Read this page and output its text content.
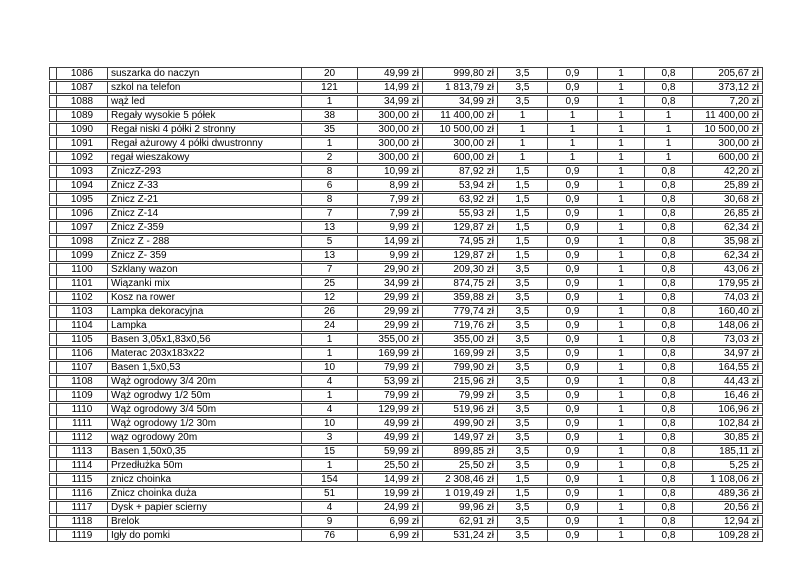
	1086	suszarka do naczyn	20	49,99 zł	999,80 zł	3,5	0,9	1	0,8	205,67 zł
	1087	szkol na telefon	121	14,99 zł	1 813,79 zł	3,5	0,9	1	0,8	373,12 zł
	1088	wąż led	1	34,99 zł	34,99 zł	3,5	0,9	1	0,8	7,20 zł
	1089	Regały wysokie 5 półek	38	300,00 zł	11 400,00 zł	1	1	1	1	11 400,00 zł
	1090	Regał niski 4 półki 2 stronny	35	300,00 zł	10 500,00 zł	1	1	1	1	10 500,00 zł
	1091	Regał ażurowy 4 półki dwustronny	1	300,00 zł	300,00 zł	1	1	1	1	300,00 zł
	1092	regał wieszakowy	2	300,00 zł	600,00 zł	1	1	1	1	600,00 zł
	1093	ZniczZ-293	8	10,99 zł	87,92 zł	1,5	0,9	1	0,8	42,20 zł
	1094	Znicz Z-33	6	8,99 zł	53,94 zł	1,5	0,9	1	0,8	25,89 zł
	1095	Znicz Z-21	8	7,99 zł	63,92 zł	1,5	0,9	1	0,8	30,68 zł
	1096	Znicz Z-14	7	7,99 zł	55,93 zł	1,5	0,9	1	0,8	26,85 zł
	1097	Znicz Z-359	13	9,99 zł	129,87 zł	1,5	0,9	1	0,8	62,34 zł
	1098	Znicz Z - 288	5	14,99 zł	74,95 zł	1,5	0,9	1	0,8	35,98 zł
	1099	Znicz Z- 359	13	9,99 zł	129,87 zł	1,5	0,9	1	0,8	62,34 zł
	1100	Szklany wazon	7	29,90 zł	209,30 zł	3,5	0,9	1	0,8	43,06 zł
	1101	Wiązanki mix	25	34,99 zł	874,75 zł	3,5	0,9	1	0,8	179,95 zł
	1102	Kosz na rower	12	29,99 zł	359,88 zł	3,5	0,9	1	0,8	74,03 zł
	1103	Lampka dekoracyjna	26	29,99 zł	779,74 zł	3,5	0,9	1	0,8	160,40 zł
	1104	Lampka	24	29,99 zł	719,76 zł	3,5	0,9	1	0,8	148,06 zł
	1105	Basen 3,05x1,83x0,56	1	355,00 zł	355,00 zł	3,5	0,9	1	0,8	73,03 zł
	1106	Materac 203x183x22	1	169,99 zł	169,99 zł	3,5	0,9	1	0,8	34,97 zł
	1107	Basen 1,5x0,53	10	79,99 zł	799,90 zł	3,5	0,9	1	0,8	164,55 zł
	1108	Wąż ogrodowy 3/4 20m	4	53,99 zł	215,96 zł	3,5	0,9	1	0,8	44,43 zł
	1109	Wąż ogrodwy 1/2 50m	1	79,99 zł	79,99 zł	3,5	0,9	1	0,8	16,46 zł
	1110	Wąż ogrodowy 3/4 50m	4	129,99 zł	519,96 zł	3,5	0,9	1	0,8	106,96 zł
	1111	Wąż ogrodowy 1/2 30m	10	49,99 zł	499,90 zł	3,5	0,9	1	0,8	102,84 zł
	1112	wąz ogrodowy 20m	3	49,99 zł	149,97 zł	3,5	0,9	1	0,8	30,85 zł
	1113	Basen 1,50x0,35	15	59,99 zł	899,85 zł	3,5	0,9	1	0,8	185,11 zł
	1114	Przedłużka 50m	1	25,50 zł	25,50 zł	3,5	0,9	1	0,8	5,25 zł
	1115	znicz choinka	154	14,99 zł	2 308,46 zł	1,5	0,9	1	0,8	1 108,06 zł
	1116	Znicz choinka duża	51	19,99 zł	1 019,49 zł	1,5	0,9	1	0,8	489,36 zł
	1117	Dysk + papier scierny	4	24,99 zł	99,96 zł	3,5	0,9	1	0,8	20,56 zł
	1118	Brelok	9	6,99 zł	62,91 zł	3,5	0,9	1	0,8	12,94 zł
	1119	Igły do pomki	76	6,99 zł	531,24 zł	3,5	0,9	1	0,8	109,28 zł
